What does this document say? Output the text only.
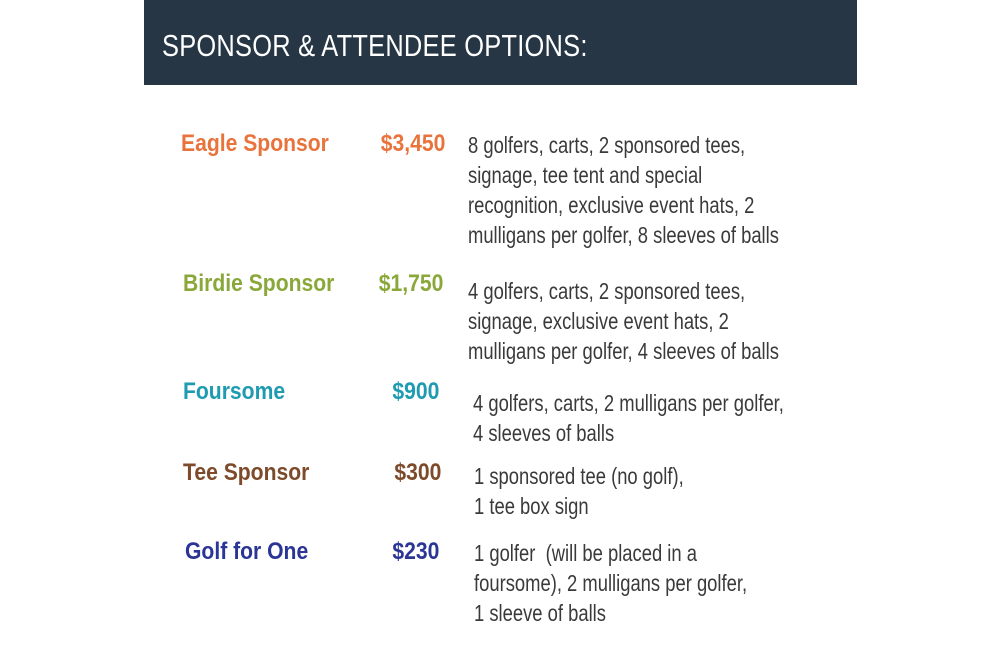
SPONSOR & ATTENDEE OPTIONS:
Eagle Sponsor $3,450 8 golfers, carts, 2 sponsored tees,
signage, tee tent and special
recognition, exclusive event hats, 2
mulligans per golfer, 8 sleeves of balls
Birdie Sponsor $1,750 4 golfers, carts, 2 sponsored tees,
signage, exclusive event hats, 2
mulligans per golfer, 4 sleeves of balls
Foursome	$900 4 golfers, carts, 2 mulligans per golfer,
4 sleeves of balls
Tee Sponsor	$300 1 sponsored tee (no golf),
1 tee box sign
Golf for One	$230 1 golfer  (will be placed in a
foursome), 2 mulligans per golfer,
1 sleeve of balls
